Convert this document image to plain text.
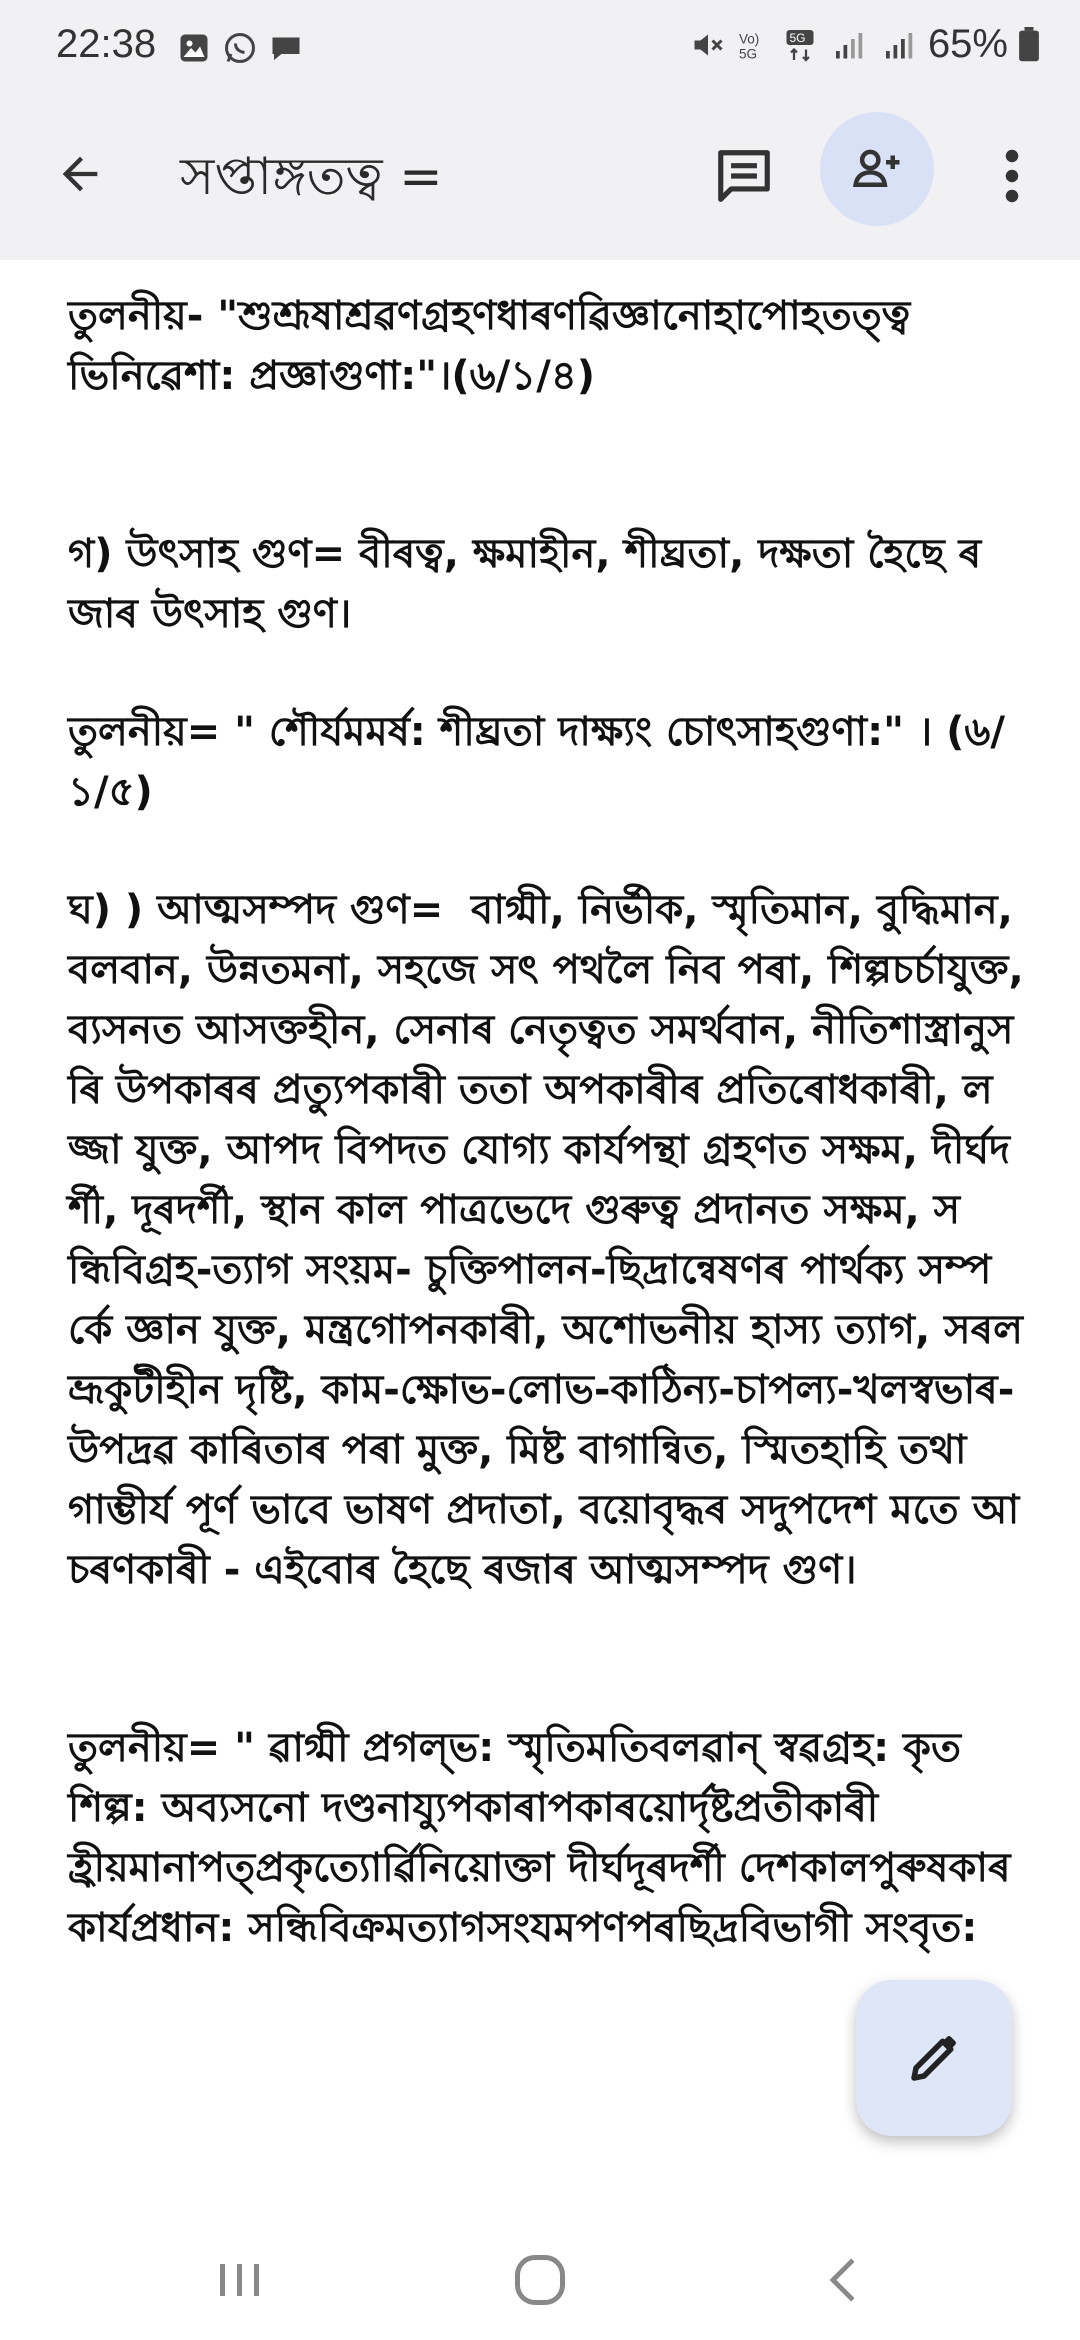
22:38	Vo)
5G
5G	65%
সপ্তাঙ্গতত্ব =

তুলনীয়- "শুশ্ৰূষাশ্ৰৱণগ্ৰহণধাৰণৱিজ্ঞানোহাপোহতত্ত্বভিনিৱেশা: প্ৰজ্ঞাগুণা:"।(৬/১/৪)

গ) উৎসাহ গুণ= বীৰত্ব, ক্ষমাহীন, শীঘ্ৰতা, দক্ষতা হৈছে ৰজাৰ উৎসাহ গুণ।

তুলনীয়= " শৌৰ্যমমৰ্ষ: শীঘ্ৰতা দাক্ষ্যং চোৎসাহগুণা:" । (৬/১/৫)

ঘ) ) আত্মসম্পদ গুণ=  বাগ্মী, নিৰ্ভীক, স্মৃতিমান, বুদ্ধিমান, বলবান, উন্নতমনা, সহজে সৎ পথলৈ নিব পৰা, শিল্পচৰ্চাযুক্ত, ব্যসনত আসক্তহীন, সেনাৰ নেতৃত্বত সমৰ্থবান, নীতিশাস্ত্ৰানুসৰি উপকাৰৰ প্ৰত্যুপকাৰী ততা অপকাৰীৰ প্ৰতিৰোধকাৰী, লজ্জা যুক্ত, আপদ বিপদত যোগ্য কাৰ্যপন্থা গ্ৰহণত সক্ষম, দীৰ্ঘদৰ্শী, দূৰদৰ্শী, স্থান কাল পাত্ৰভেদে গুৰুত্ব প্ৰদানত সক্ষম, সন্ধিবিগ্ৰহ-ত্যাগ সংয়ম- চুক্তিপালন-ছিদ্ৰান্বেষণৰ পাৰ্থক্য সম্পৰ্কে জ্ঞান যুক্ত, মন্ত্ৰগোপনকাৰী, অশোভনীয় হাস্য ত্যাগ, সৰল ভ্ৰূকুটীহীন দৃষ্টি, কাম-ক্ষোভ-লোভ-কাঠিন্য-চাপল্য-খলস্বভাৰ-উপদ্ৰৱ কাৰিতাৰ পৰা মুক্ত, মিষ্ট বাগান্বিত, স্মিতহাহি তথা গাম্ভীৰ্য পূৰ্ণ ভাবে ভাষণ প্ৰদাতা, বয়োবৃদ্ধৰ সদুপদেশ মতে আচৰণকাৰী - এইবোৰ হৈছে ৰজাৰ আত্মসম্পদ গুণ।

তুলনীয়= " ৱাগ্মী প্ৰগল্ভ: স্মৃতিমতিবলৱান্ স্বৱগ্ৰহ: কৃতশিল্প: অব্যসনো দণ্ডনায্যুপকাৰাপকাৰয়োৰ্দৃষ্টপ্ৰতীকাৰী হ্ৰীয়মানাপত্প্ৰকৃত্যোৰ্ৱিনিয়োক্তা দীৰ্ঘদূৰদৰ্শী দেশকালপুৰুষকাৰকাৰ্যপ্ৰধান: সন্ধিবিক্ৰমত্যাগসংযমপণপৰছিদ্ৰবিভাগী সংবৃত:
